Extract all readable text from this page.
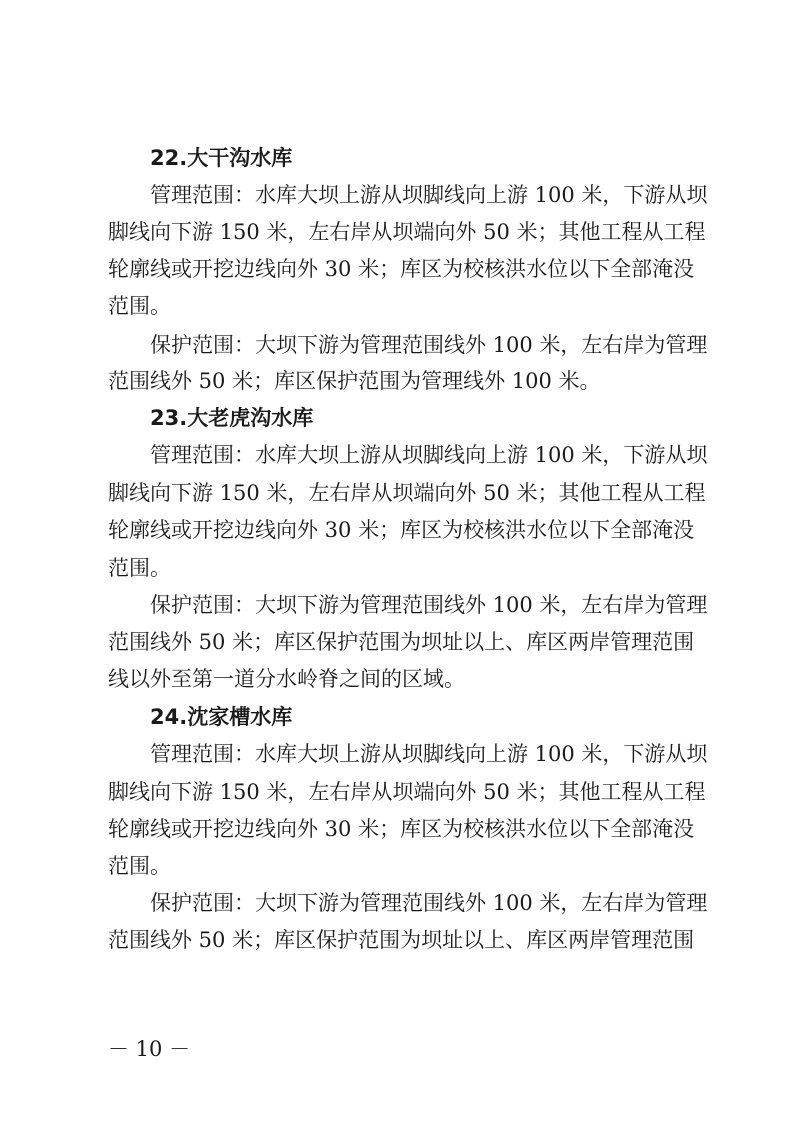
22.大干沟水库
管理范围：水库大坝上游从坝脚线向上游 100 米，下游从坝
脚线向下游 150 米，左右岸从坝端向外 50 米；其他工程从工程
轮廓线或开挖边线向外 30 米；库区为校核洪水位以下全部淹没
范围。
保护范围：大坝下游为管理范围线外 100 米，左右岸为管理
范围线外 50 米；库区保护范围为管理线外 100 米。
23.大老虎沟水库
管理范围：水库大坝上游从坝脚线向上游 100 米，下游从坝
脚线向下游 150 米，左右岸从坝端向外 50 米；其他工程从工程
轮廓线或开挖边线向外 30 米；库区为校核洪水位以下全部淹没
范围。
保护范围：大坝下游为管理范围线外 100 米，左右岸为管理
范围线外 50 米；库区保护范围为坝址以上、库区两岸管理范围
线以外至第一道分水岭脊之间的区域。
24.沈家槽水库
管理范围：水库大坝上游从坝脚线向上游 100 米，下游从坝
脚线向下游 150 米，左右岸从坝端向外 50 米；其他工程从工程
轮廓线或开挖边线向外 30 米；库区为校核洪水位以下全部淹没
范围。
保护范围：大坝下游为管理范围线外 100 米，左右岸为管理
范围线外 50 米；库区保护范围为坝址以上、库区两岸管理范围
－ 10 －
